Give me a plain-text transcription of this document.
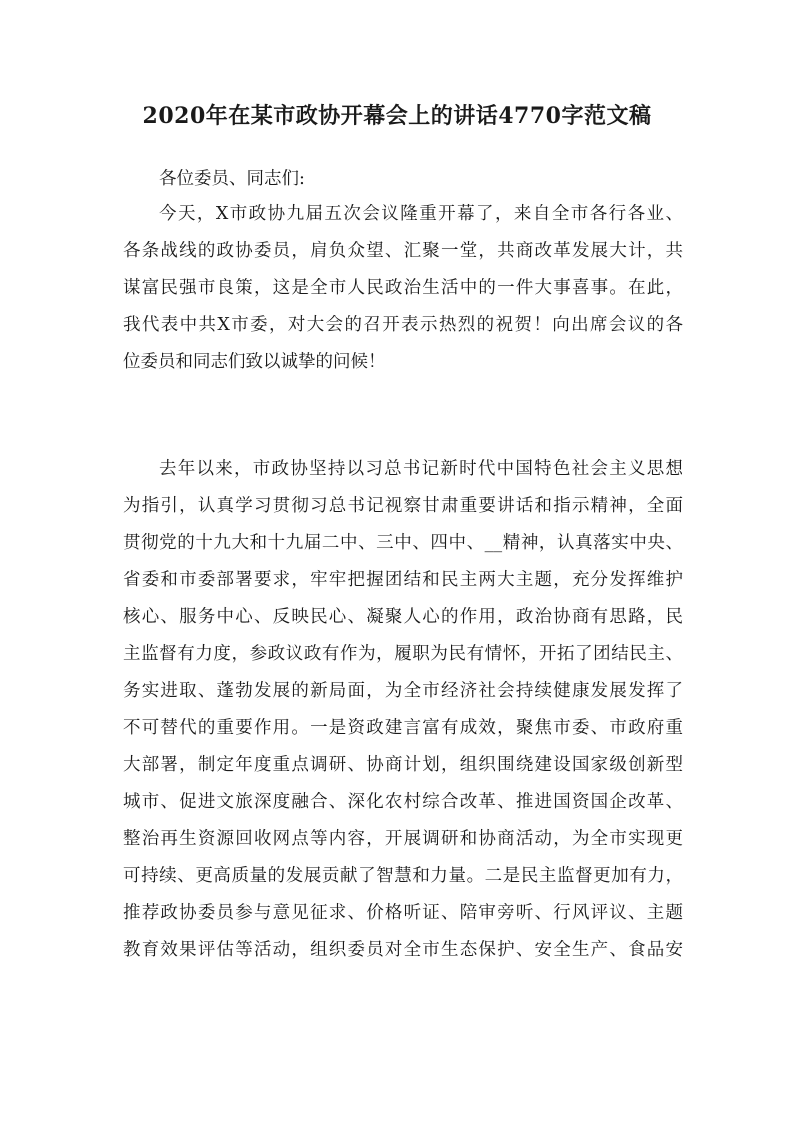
2020年在某市政协开幕会上的讲话4770字范文稿
各位委员、同志们:
今天，X市政协九届五次会议隆重开幕了，来自全市各行各业、
各条战线的政协委员，肩负众望、汇聚一堂，共商改革发展大计，共
谋富民强市良策，这是全市人民政治生活中的一件大事喜事。在此，
我代表中共X市委，对大会的召开表示热烈的祝贺！向出席会议的各
位委员和同志们致以诚挚的问候！
去年以来，市政协坚持以习总书记新时代中国特色社会主义思想
为指引，认真学习贯彻习总书记视察甘肃重要讲话和指示精神，全面
贯彻党的十九大和十九届二中、三中、四中、__精神，认真落实中央、
省委和市委部署要求，牢牢把握团结和民主两大主题，充分发挥维护
核心、服务中心、反映民心、凝聚人心的作用，政治协商有思路，民
主监督有力度，参政议政有作为，履职为民有情怀，开拓了团结民主、
务实进取、蓬勃发展的新局面，为全市经济社会持续健康发展发挥了
不可替代的重要作用。一是资政建言富有成效，聚焦市委、市政府重
大部署，制定年度重点调研、协商计划，组织围绕建设国家级创新型
城市、促进文旅深度融合、深化农村综合改革、推进国资国企改革、
整治再生资源回收网点等内容，开展调研和协商活动，为全市实现更
可持续、更高质量的发展贡献了智慧和力量。二是民主监督更加有力，
推荐政协委员参与意见征求、价格听证、陪审旁听、行风评议、主题
教育效果评估等活动，组织委员对全市生态保护、安全生产、食品安
